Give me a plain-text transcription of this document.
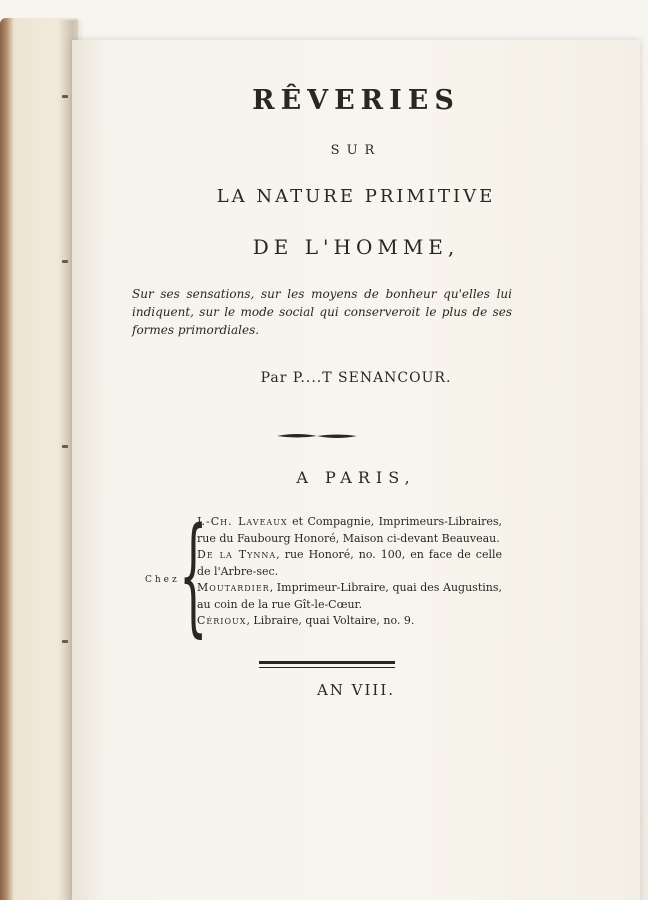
RÊVERIES
SUR
LA NATURE PRIMITIVE
DE L'HOMME,
Sur ses sensations, sur les moyens de bonheur qu'elles lui indiquent, sur le mode social qui conserveroit le plus de ses formes primordiales.
Par P....T SENANCOUR.
A PARIS,
Chez {
J.-Ch. Laveaux et Compagnie, Imprimeurs-Libraires, rue du Faubourg Honoré, Maison ci-devant Beauveau.
De la Tynna, rue Honoré, no. 100, en face de celle de l'Arbre-sec.
Moutardier, Imprimeur-Libraire, quai des Augustins, au coin de la rue Gît-le-Cœur.
Cérioux, Libraire, quai Voltaire, no. 9.
AN VIII.
